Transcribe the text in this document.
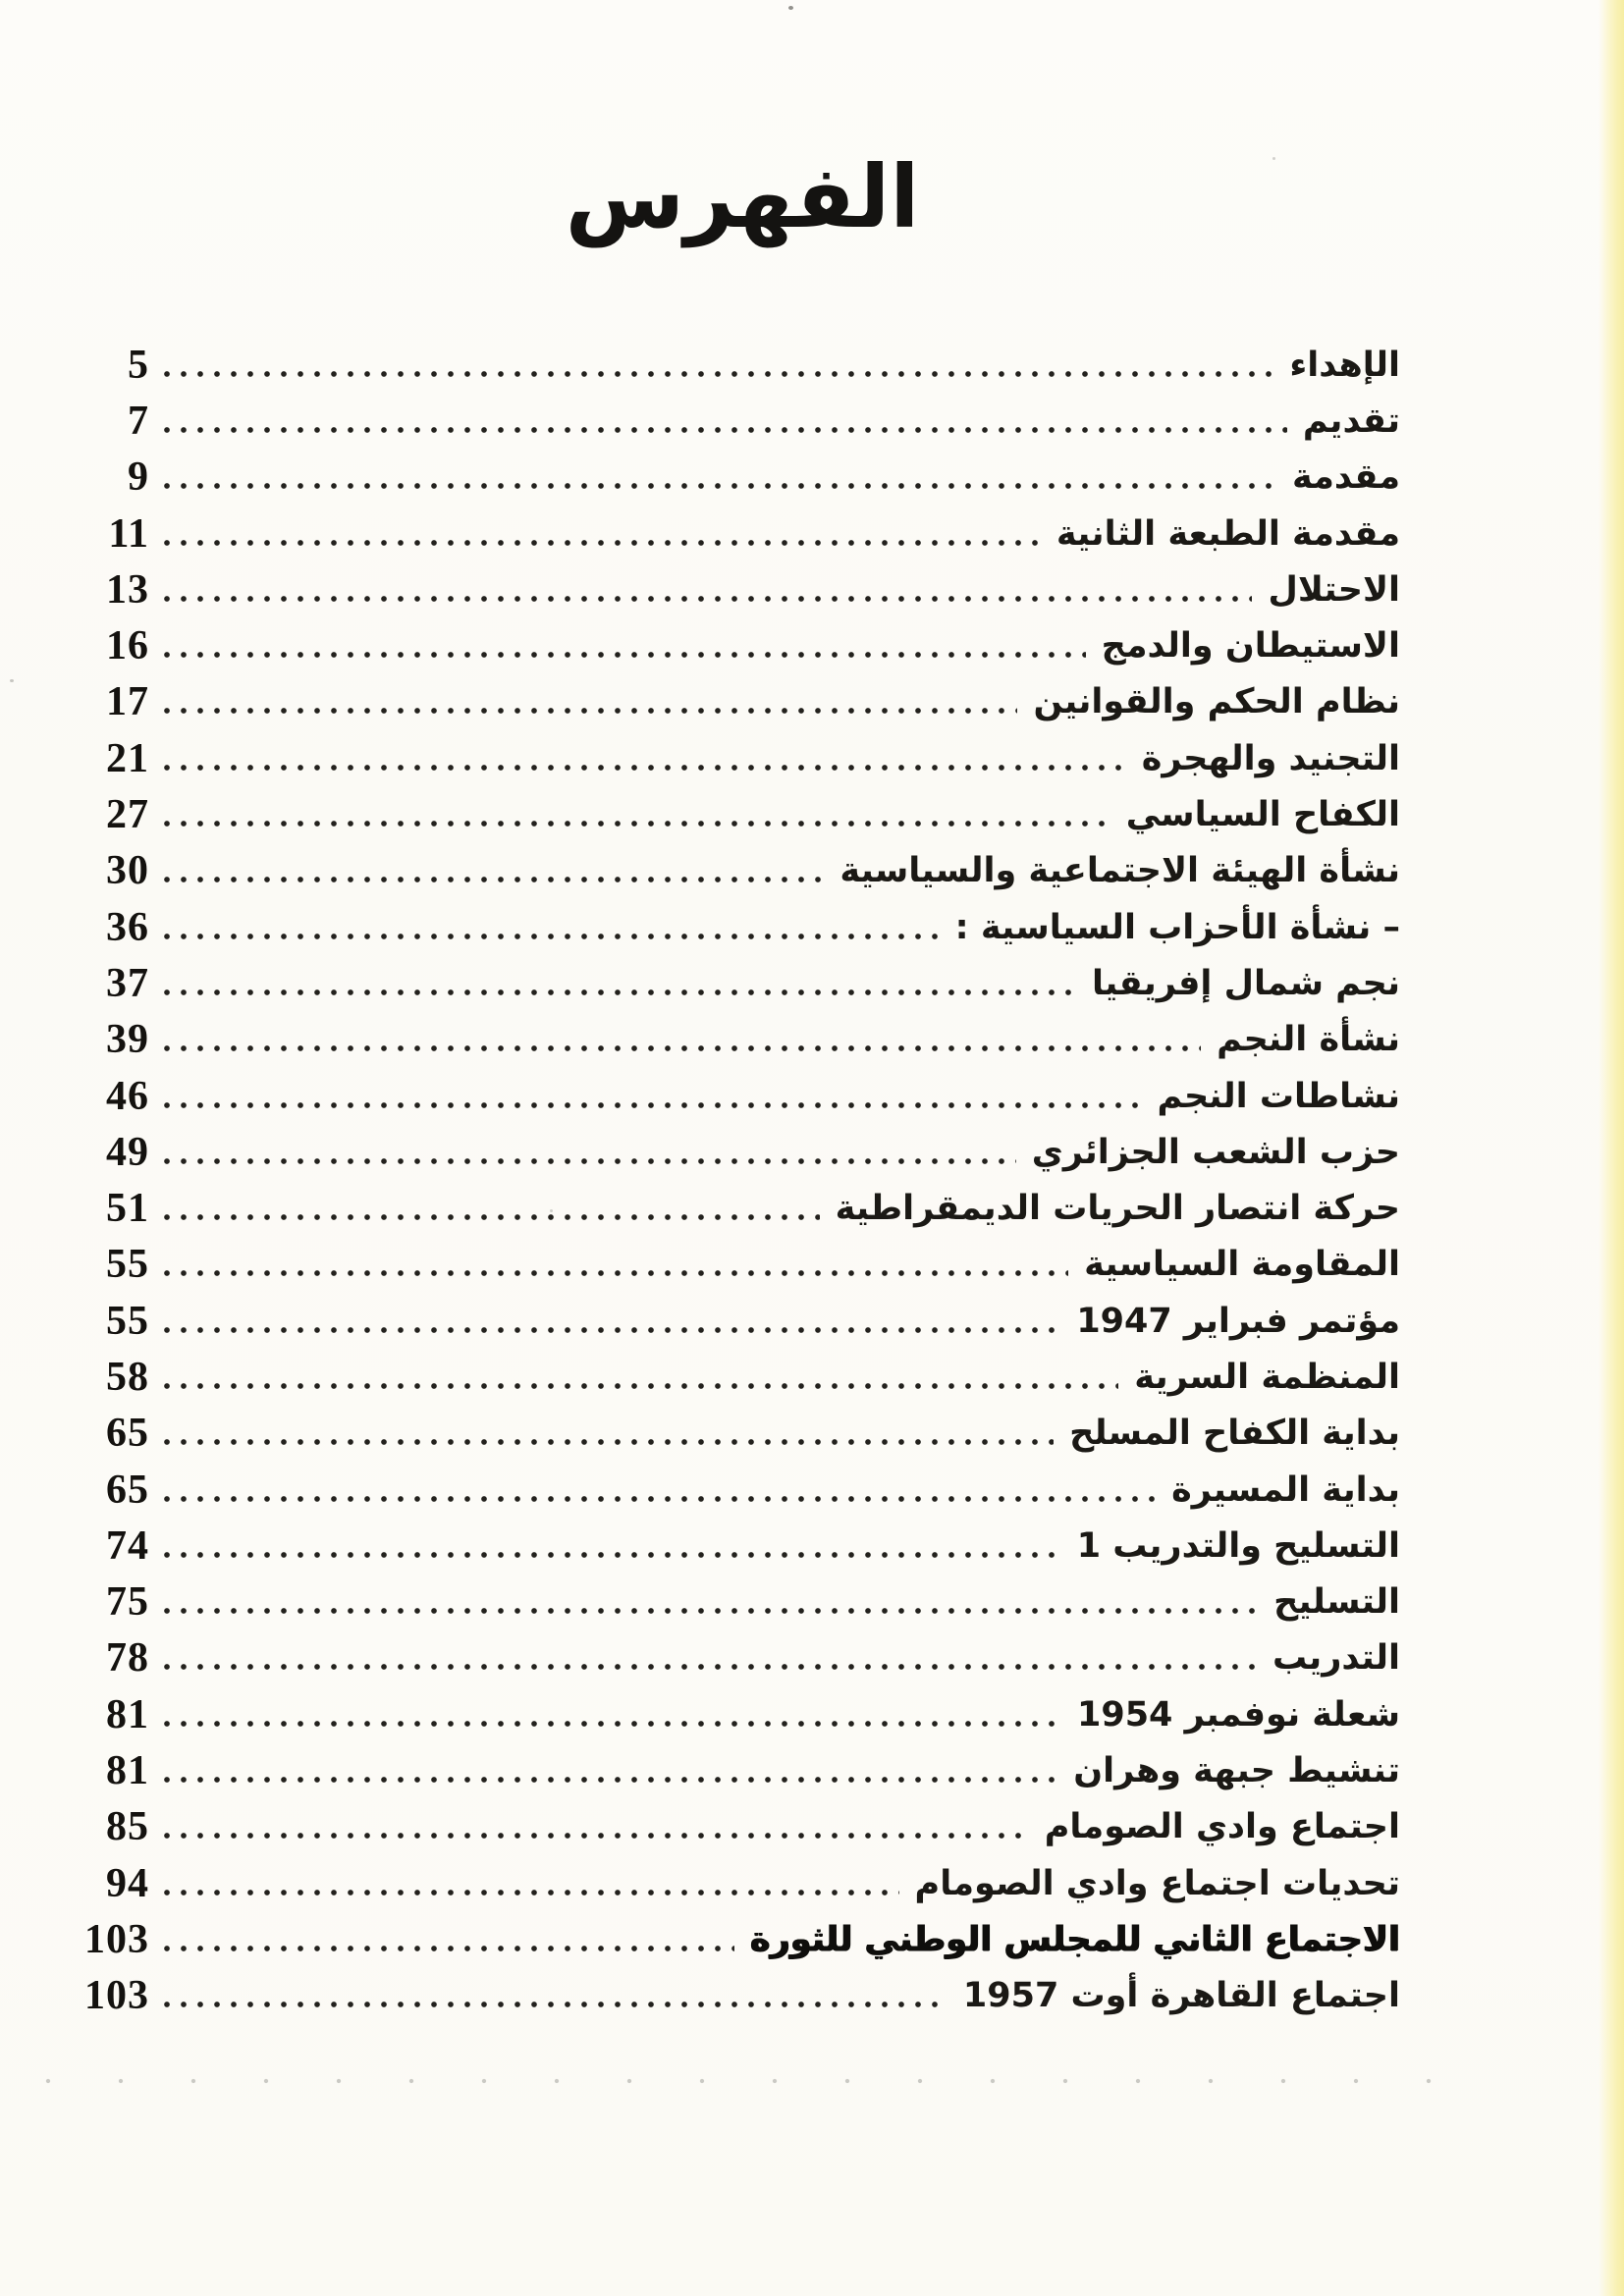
الفهرس
الإهداء
5
تقديم
7
مقدمة
9
مقدمة الطبعة الثانية
11
الاحتلال
13
الاستيطان والدمج
16
نظام الحكم والقوانين
17
التجنيد والهجرة
21
الكفاح السياسي
27
نشأة الهيئة الاجتماعية والسياسية
30
– نشأة الأحزاب السياسية :
36
نجم شمال إفريقيا
37
نشأة النجم
39
نشاطات النجم
46
حزب الشعب الجزائري
49
حركة انتصار الحريات الديمقراطية
51
المقاومة السياسية
55
مؤتمر فبراير 1947
55
المنظمة السرية
58
بداية الكفاح المسلح
65
بداية المسيرة
65
التسليح والتدريب 1
74
التسليح
75
التدريب
78
شعلة نوفمبر 1954
81
تنشيط جبهة وهران
81
اجتماع وادي الصومام
85
تحديات اجتماع وادي الصومام
94
الاجتماع الثاني للمجلس الوطني للثورة
103
اجتماع القاهرة أوت 1957
103
